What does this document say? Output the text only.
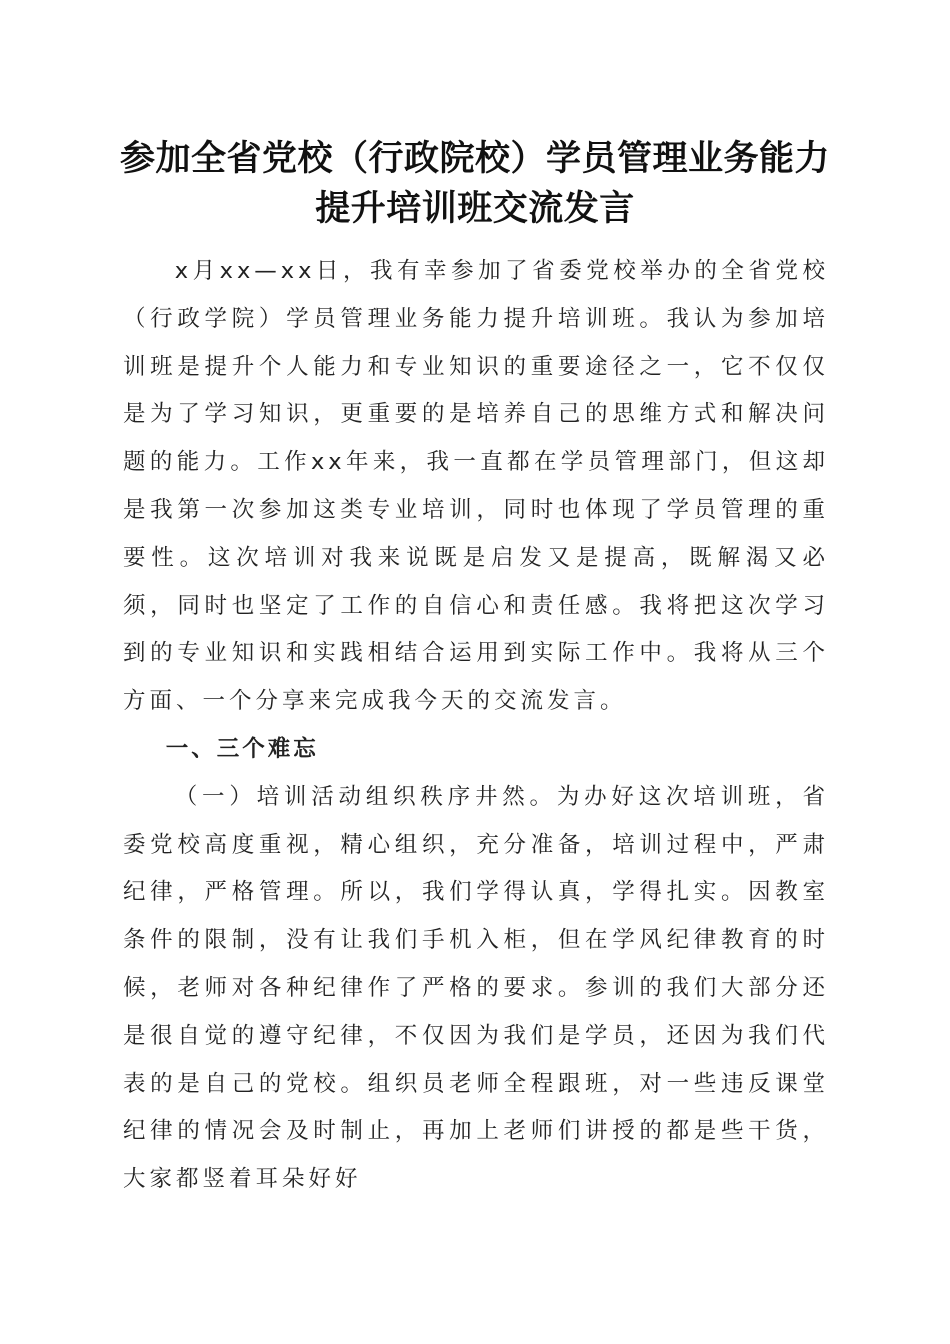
参加全省党校（行政院校）学员管理业务能力
提升培训班交流发言

x月xx—xx日，我有幸参加了省委党校举办的全省党校（行政学院）学员管理业务能力提升培训班。我认为参加培训班是提升个人能力和专业知识的重要途径之一，它不仅仅是为了学习知识，更重要的是培养自己的思维方式和解决问题的能力。工作xx年来，我一直都在学员管理部门，但这却是我第一次参加这类专业培训，同时也体现了学员管理的重要性。这次培训对我来说既是启发又是提高，既解渴又必须，同时也坚定了工作的自信心和责任感。我将把这次学习到的专业知识和实践相结合运用到实际工作中。我将从三个方面、一个分享来完成我今天的交流发言。

一、三个难忘

（一）培训活动组织秩序井然。为办好这次培训班，省委党校高度重视，精心组织，充分准备，培训过程中，严肃纪律，严格管理。所以，我们学得认真，学得扎实。因教室条件的限制，没有让我们手机入柜，但在学风纪律教育的时候，老师对各种纪律作了严格的要求。参训的我们大部分还是很自觉的遵守纪律，不仅因为我们是学员，还因为我们代表的是自己的党校。组织员老师全程跟班，对一些违反课堂纪律的情况会及时制止，再加上老师们讲授的都是些干货，大家都竖着耳朵好好
